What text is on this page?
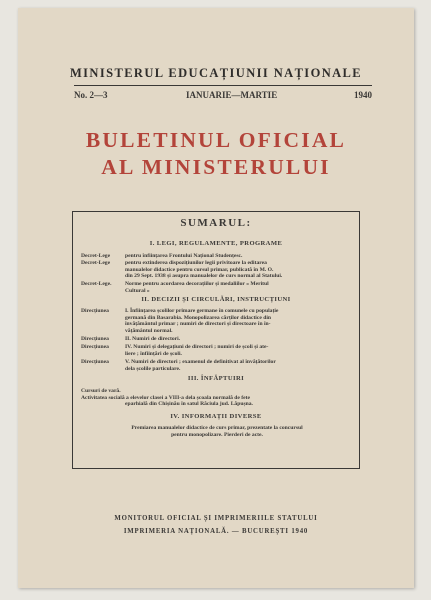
MINISTERUL EDUCAȚIUNII NAȚIONALE
No. 2—3	IANUARIE—MARTIE	1940
BULETINUL OFICIAL
AL MINISTERULUI
SUMARUL:
I. LEGI, REGULAMENTE, PROGRAME
Decret-Lege	pentru înființarea Frontului Național Studențesc.
Decret-Lege	pentru extinderea dispozițiunilor legii privitoare la editarea
manualelor didactice pentru cursul primar, publicată în M. O.
din 29 Sept. 1938 și asupra manualelor de curs normal al Statului.
Decret-Lege. Norme pentru acordarea decorațiilor și medaliilor « Meritul
Cultural »
II. DECIZII ȘI CIRCULĂRI, INSTRUCȚIUNI
Direcțiunea	I. Înființarea școlilor primare germane în comunele cu populație
germană din Basarabia. Monopolizarea cărților didactice din
învățământul primar ; numiri de directori și directoare în în-
vățământul normal.
Direcțiunea	II. Numiri de directori.
Direcțiunea	IV. Numiri și delegațiuni de directori ; numiri de școli și ate-
liere ; înființări de școli.
Direcțiunea	V. Numiri de directori ; examenul de definitivat al învățătorilor
dela școlile particulare.
III. ÎNFĂPTUIRI
Cursuri de vară.
Activitatea socială a elevelor clasei a VIII-a dela școala normală de fete
eparhială din Chișinău în satul Răciula jud. Lăpușna.
IV. INFORMAȚII DIVERSE
Premiarea manualelor didactice de curs primar, prezentate la concursul
pentru monopolizare. Pierderi de acte.
MONITORUL OFICIAL ȘI IMPRIMERIILE STATULUI
IMPRIMERIA NAȚIONALĂ. — BUCUREȘTI 1940
